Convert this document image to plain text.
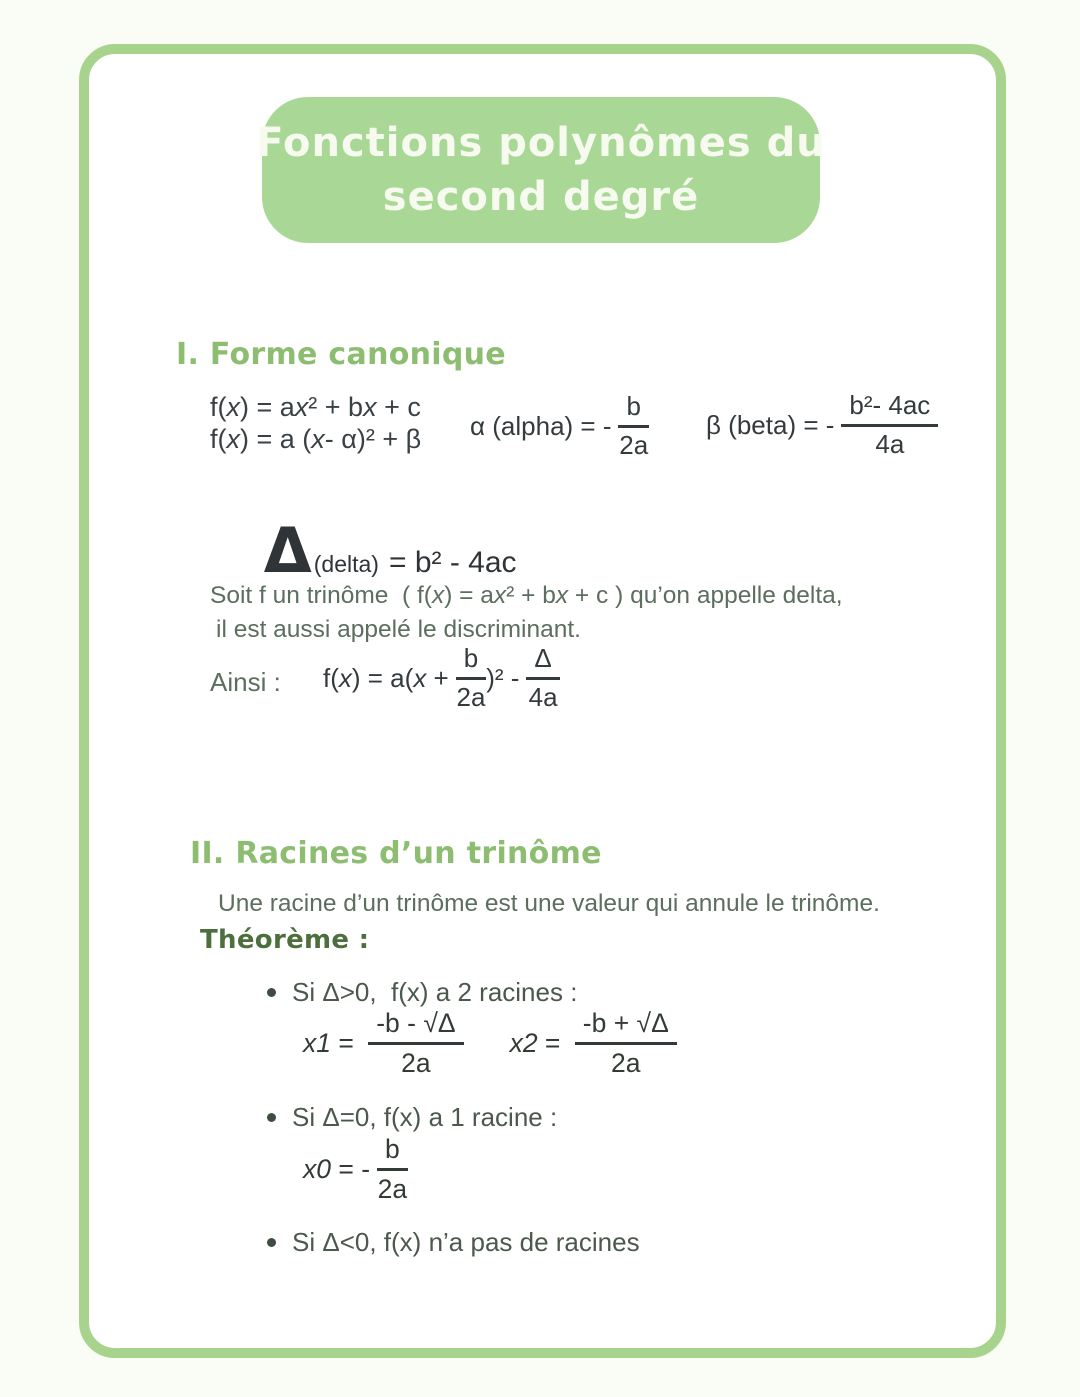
Fonctions polynômes du
second degré
I. Forme canonique
f(x) = ax² + bx + c
f(x) = a (x- α)² + β α (alpha) = - $\frac{b}{2a}$ β (beta) = - $\frac{\text{b²- 4ac}}{4a}$

Δ(delta) = b² - 4ac

Soit f un trinôme  ( f(x) = ax² + bx + c ) qu’on appelle delta,
il est aussi appelé le discriminant.
Ainsi : $f(x) = a(x + \frac{b}{2a} )^2 - \frac{\Delta}{4a}$
II. Racines d’un trinôme
Une racine d’un trinôme est une valeur qui annule le trinôme.
Théorème :
Si Δ>0,  f(x) a 2 racines :
$x1 = \frac{-b - √\Delta}{2a} x2 = \frac{-b + √\Delta}{2a}$
Si Δ=0, f(x) a 1 racine :
x0 = - $\frac{b}{2a}$
Si Δ<0, f(x) n’a pas de racines
